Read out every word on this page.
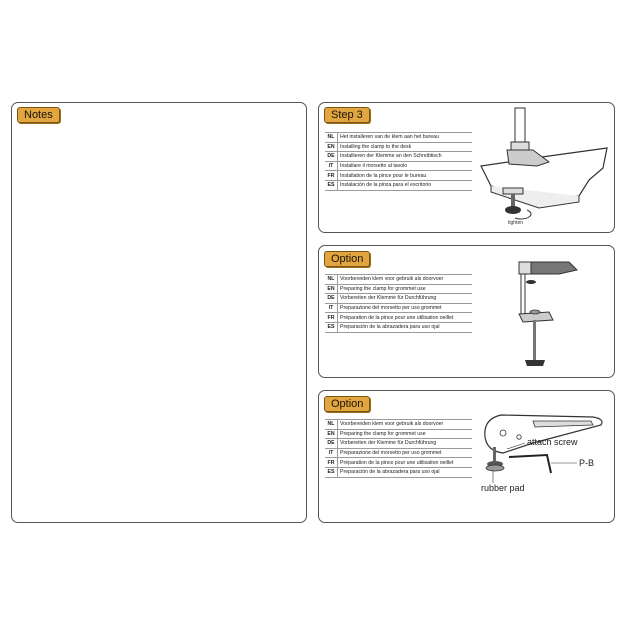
Notes	Step 3
NL	Het installeren van de klem aan het bureau
EN	Installing the clamp to the desk
DE	Installieren der Klemme an den Schreibtisch
IT	Installare il morsetto al tavolo
FR	Installation de la pince pour le bureau
ES	Instalación de la pinza para el escritorio
tighten
Option
NL	Voorbereiden klem voor gebruik als doorvoer
EN	Preparing the clamp for grommet use
DE	Vorbereiten der Klemme für Durchführung
IT	Preparazione del morsetto per uso grommet
FR	Préparation de la pince pour une utilisation oeillet
ES	Preparación de la abrazadera para uso ojal
Option
NL	Voorbereiden klem voor gebruik als doorvoer
EN	Preparing the clamp for grommet use
DE	Vorbereiten der Klemme für Durchführung
IT	Preparazione del morsetto per uso grommet
FR	Préparation de la pince pour une utilisation oeillet
ES	Preparación de la abrazadera para uso ojal
attach screw
P-B
rubber pad
